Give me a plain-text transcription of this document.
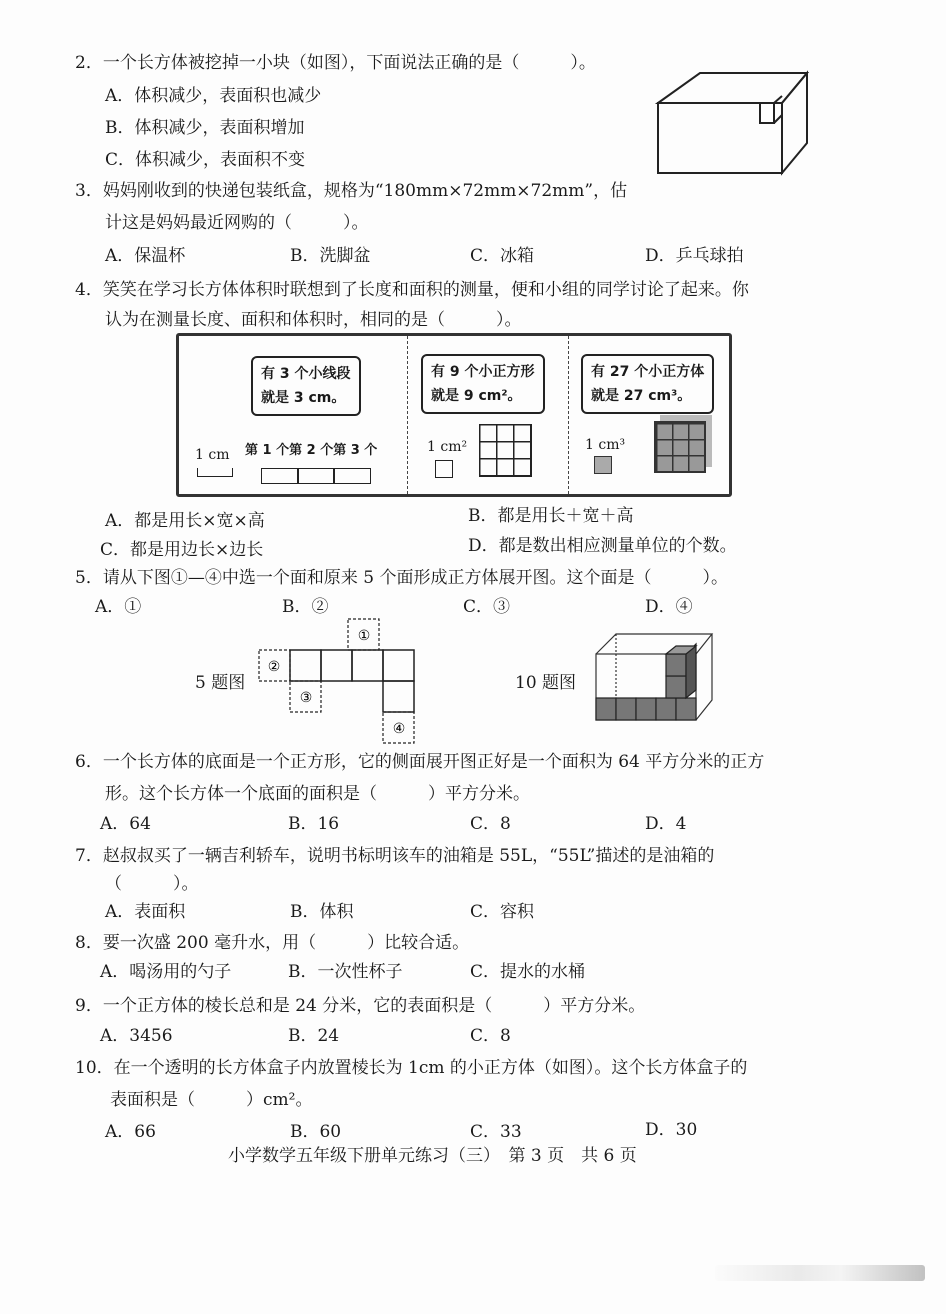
2．一个长方体被挖掉一小块（如图），下面说法正确的是（　　　）。
A．体积减少，表面积也减少
B．体积减少，表面积增加
C．体积减少，表面积不变
3．妈妈刚收到的快递包装纸盒，规格为“180mm×72mm×72mm”，估
计这是妈妈最近网购的（　　　）。
A．保温杯	B．洗脚盆	C．冰箱	D．乒乓球拍
4．笑笑在学习长方体体积时联想到了长度和面积的测量，便和小组的同学讨论了起来。你
认为在测量长度、面积和体积时，相同的是（　　　）。
有 3 个小线段
就是 3 cm。
1 cm 第 1 个第 2 个第 3 个
有 9 个小正方形
就是 9 cm²。
1 cm²
有 27 个小正方体
就是 27 cm³。
1 cm³
A．都是用长×宽×高	B．都是用长＋宽＋高
C．都是用边长×边长	D．都是数出相应测量单位的个数。
5．请从下图①—④中选一个面和原来 5 个面形成正方体展开图。这个面是（　　　）。
A．①	B．②	C．③	D．④
5 题图
②
①
③
④
10 题图
6．一个长方体的底面是一个正方形，它的侧面展开图正好是一个面积为 64 平方分米的正方
形。这个长方体一个底面的面积是（　　　）平方分米。
A．64	B．16	C．8	D．4
7．赵叔叔买了一辆吉利轿车，说明书标明该车的油箱是 55L，“55L”描述的是油箱的
（　　　）。
A．表面积	B．体积	C．容积
8．要一次盛 200 毫升水，用（　　　）比较合适。
A．喝汤用的勺子	B．一次性杯子	C．提水的水桶
9．一个正方体的棱长总和是 24 分米，它的表面积是（　　　）平方分米。
A．3456	B．24	C．8
10．在一个透明的长方体盒子内放置棱长为 1cm 的小正方体（如图）。这个长方体盒子的
表面积是（　　　）cm²。
A．66	B．60	C．33	D．30
小学数学五年级下册单元练习（三）　第 3 页　共 6 页
